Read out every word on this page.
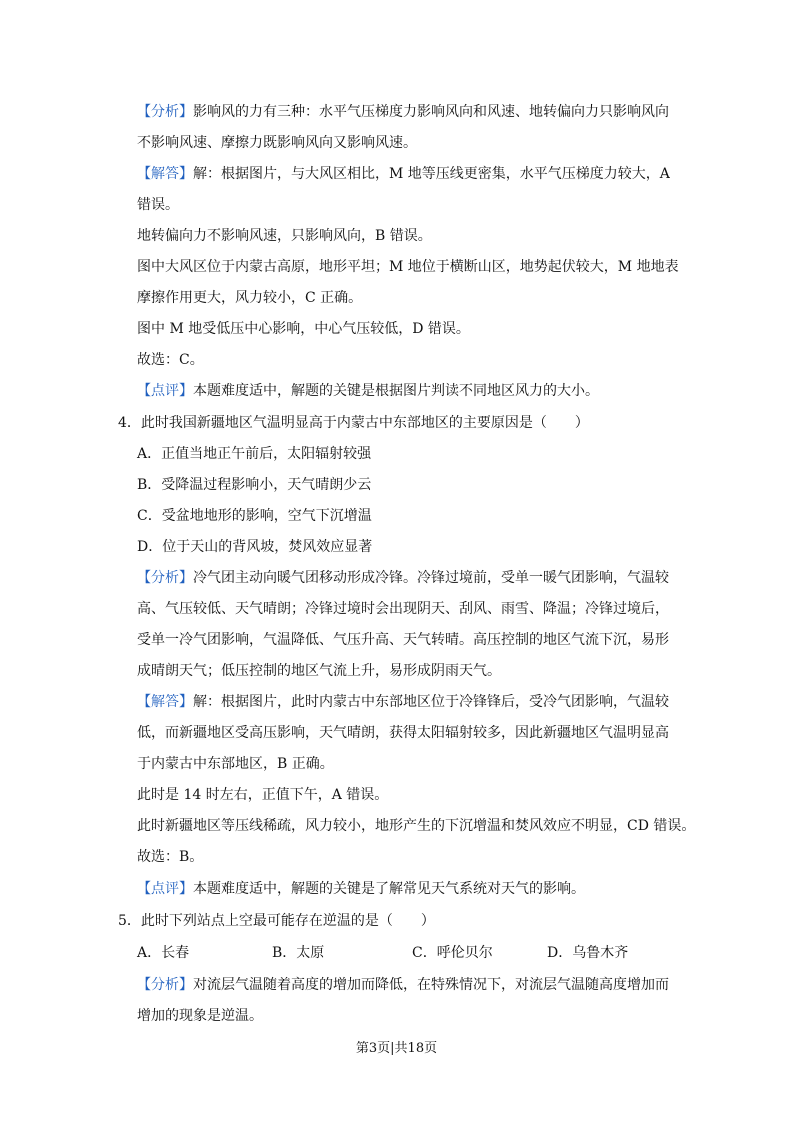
【分析】影响风的力有三种：水平气压梯度力影响风向和风速、地转偏向力只影响风向
不影响风速、摩擦力既影响风向又影响风速。
【解答】解：根据图片，与大风区相比，M 地等压线更密集，水平气压梯度力较大，A
错误。
地转偏向力不影响风速，只影响风向，B 错误。
图中大风区位于内蒙古高原，地形平坦；M 地位于横断山区，地势起伏较大，M 地地表
摩擦作用更大，风力较小，C 正确。
图中 M 地受低压中心影响，中心气压较低，D 错误。
故选：C。
【点评】本题难度适中，解题的关键是根据图片判读不同地区风力的大小。
4．此时我国新疆地区气温明显高于内蒙古中东部地区的主要原因是（　　）
A．正值当地正午前后，太阳辐射较强
B．受降温过程影响小，天气晴朗少云
C．受盆地地形的影响，空气下沉增温
D．位于天山的背风坡，焚风效应显著
【分析】冷气团主动向暖气团移动形成冷锋。冷锋过境前，受单一暖气团影响，气温较
高、气压较低、天气晴朗；冷锋过境时会出现阴天、刮风、雨雪、降温；冷锋过境后，
受单一冷气团影响，气温降低、气压升高、天气转晴。高压控制的地区气流下沉，易形
成晴朗天气；低压控制的地区气流上升，易形成阴雨天气。
【解答】解：根据图片，此时内蒙古中东部地区位于冷锋锋后，受冷气团影响，气温较
低，而新疆地区受高压影响，天气晴朗，获得太阳辐射较多，因此新疆地区气温明显高
于内蒙古中东部地区，B 正确。
此时是 14 时左右，正值下午，A 错误。
此时新疆地区等压线稀疏，风力较小，地形产生的下沉增温和焚风效应不明显，CD 错误。
故选：B。
【点评】本题难度适中，解题的关键是了解常见天气系统对天气的影响。
5．此时下列站点上空最可能存在逆温的是（　　）
A．长春	B．太原	C．呼伦贝尔	D．乌鲁木齐
【分析】对流层气温随着高度的增加而降低，在特殊情况下，对流层气温随高度增加而
增加的现象是逆温。
第3页|共18页
